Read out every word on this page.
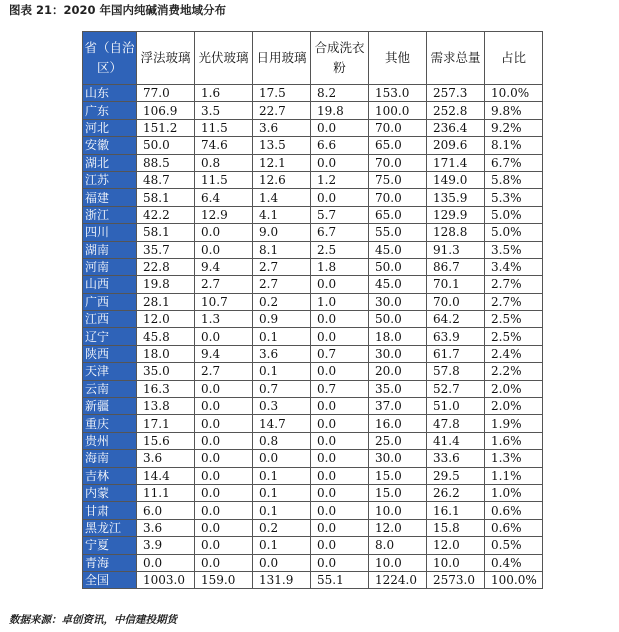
图表 21：2020 年国内纯碱消费地域分布
省（自治区）	浮法玻璃	光伏玻璃	日用玻璃	合成洗衣粉	其他	需求总量	占比
山东	77.0	1.6	17.5	8.2	153.0	257.3	10.0%
广东	106.9	3.5	22.7	19.8	100.0	252.8	9.8%
河北	151.2	11.5	3.6	0.0	70.0	236.4	9.2%
安徽	50.0	74.6	13.5	6.6	65.0	209.6	8.1%
湖北	88.5	0.8	12.1	0.0	70.0	171.4	6.7%
江苏	48.7	11.5	12.6	1.2	75.0	149.0	5.8%
福建	58.1	6.4	1.4	0.0	70.0	135.9	5.3%
浙江	42.2	12.9	4.1	5.7	65.0	129.9	5.0%
四川	58.1	0.0	9.0	6.7	55.0	128.8	5.0%
湖南	35.7	0.0	8.1	2.5	45.0	91.3	3.5%
河南	22.8	9.4	2.7	1.8	50.0	86.7	3.4%
山西	19.8	2.7	2.7	0.0	45.0	70.1	2.7%
广西	28.1	10.7	0.2	1.0	30.0	70.0	2.7%
江西	12.0	1.3	0.9	0.0	50.0	64.2	2.5%
辽宁	45.8	0.0	0.1	0.0	18.0	63.9	2.5%
陕西	18.0	9.4	3.6	0.7	30.0	61.7	2.4%
天津	35.0	2.7	0.1	0.0	20.0	57.8	2.2%
云南	16.3	0.0	0.7	0.7	35.0	52.7	2.0%
新疆	13.8	0.0	0.3	0.0	37.0	51.0	2.0%
重庆	17.1	0.0	14.7	0.0	16.0	47.8	1.9%
贵州	15.6	0.0	0.8	0.0	25.0	41.4	1.6%
海南	3.6	0.0	0.0	0.0	30.0	33.6	1.3%
吉林	14.4	0.0	0.1	0.0	15.0	29.5	1.1%
内蒙	11.1	0.0	0.1	0.0	15.0	26.2	1.0%
甘肃	6.0	0.0	0.1	0.0	10.0	16.1	0.6%
黑龙江	3.6	0.0	0.2	0.0	12.0	15.8	0.6%
宁夏	3.9	0.0	0.1	0.0	8.0	12.0	0.5%
青海	0.0	0.0	0.0	0.0	10.0	10.0	0.4%
全国	1003.0	159.0	131.9	55.1	1224.0	2573.0	100.0%
数据来源：卓创资讯，中信建投期货
